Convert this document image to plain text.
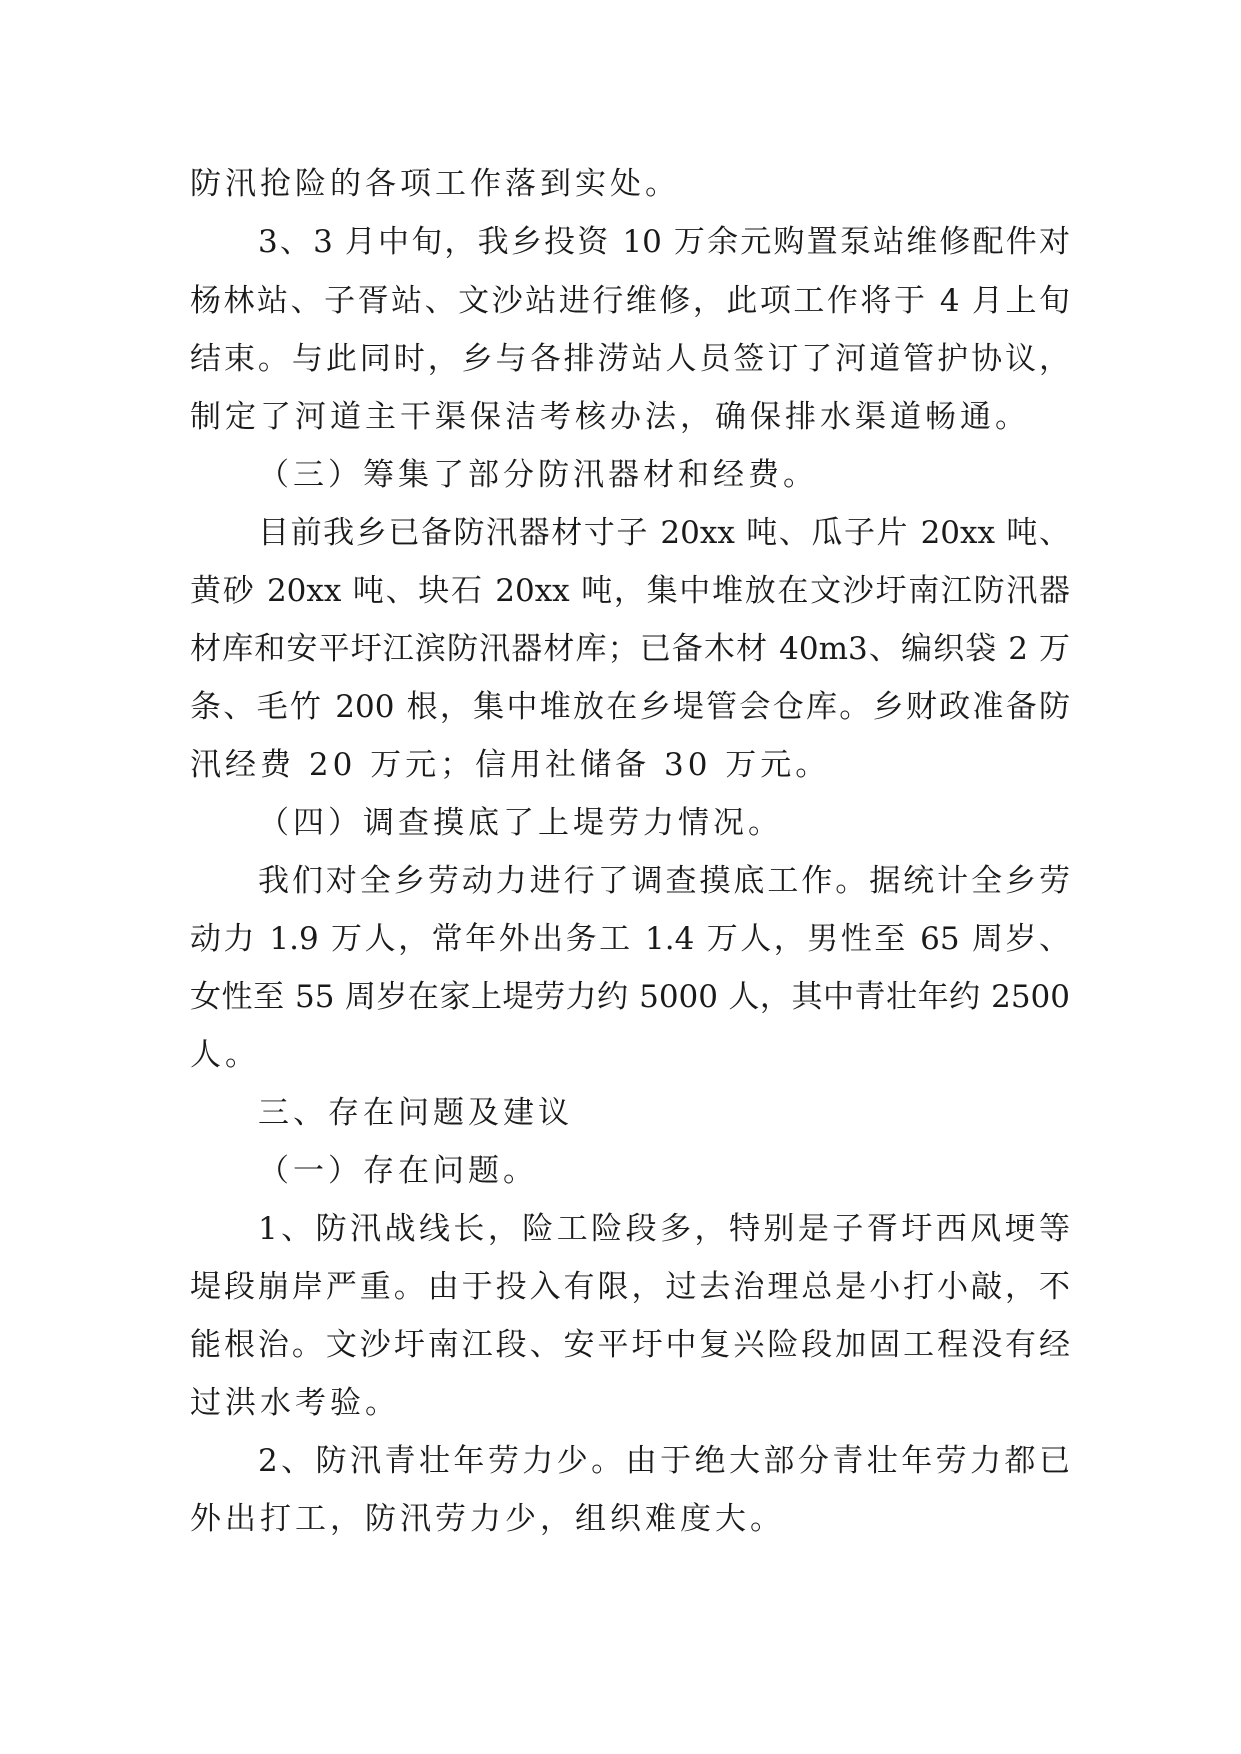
防汛抢险的各项工作落到实处。
3、3 月中旬，我乡投资 10 万余元购置泵站维修配件对
杨林站、子胥站、文沙站进行维修，此项工作将于 4 月上旬
结束。与此同时，乡与各排涝站人员签订了河道管护协议，
制定了河道主干渠保洁考核办法，确保排水渠道畅通。
（三）筹集了部分防汛器材和经费。
目前我乡已备防汛器材寸子 20xx 吨、瓜子片 20xx 吨、
黄砂 20xx 吨、块石 20xx 吨，集中堆放在文沙圩南江防汛器
材库和安平圩江滨防汛器材库；已备木材 40m3、编织袋 2 万
条、毛竹 200 根，集中堆放在乡堤管会仓库。乡财政准备防
汛经费 20 万元；信用社储备 30 万元。
（四）调查摸底了上堤劳力情况。
我们对全乡劳动力进行了调查摸底工作。据统计全乡劳
动力 1.9 万人，常年外出务工 1.4 万人，男性至 65 周岁、
女性至 55 周岁在家上堤劳力约 5000 人，其中青壮年约 2500
人。
三、存在问题及建议
（一）存在问题。
1、防汛战线长，险工险段多，特别是子胥圩西风埂等
堤段崩岸严重。由于投入有限，过去治理总是小打小敲，不
能根治。文沙圩南江段、安平圩中复兴险段加固工程没有经
过洪水考验。
2、防汛青壮年劳力少。由于绝大部分青壮年劳力都已
外出打工，防汛劳力少，组织难度大。
